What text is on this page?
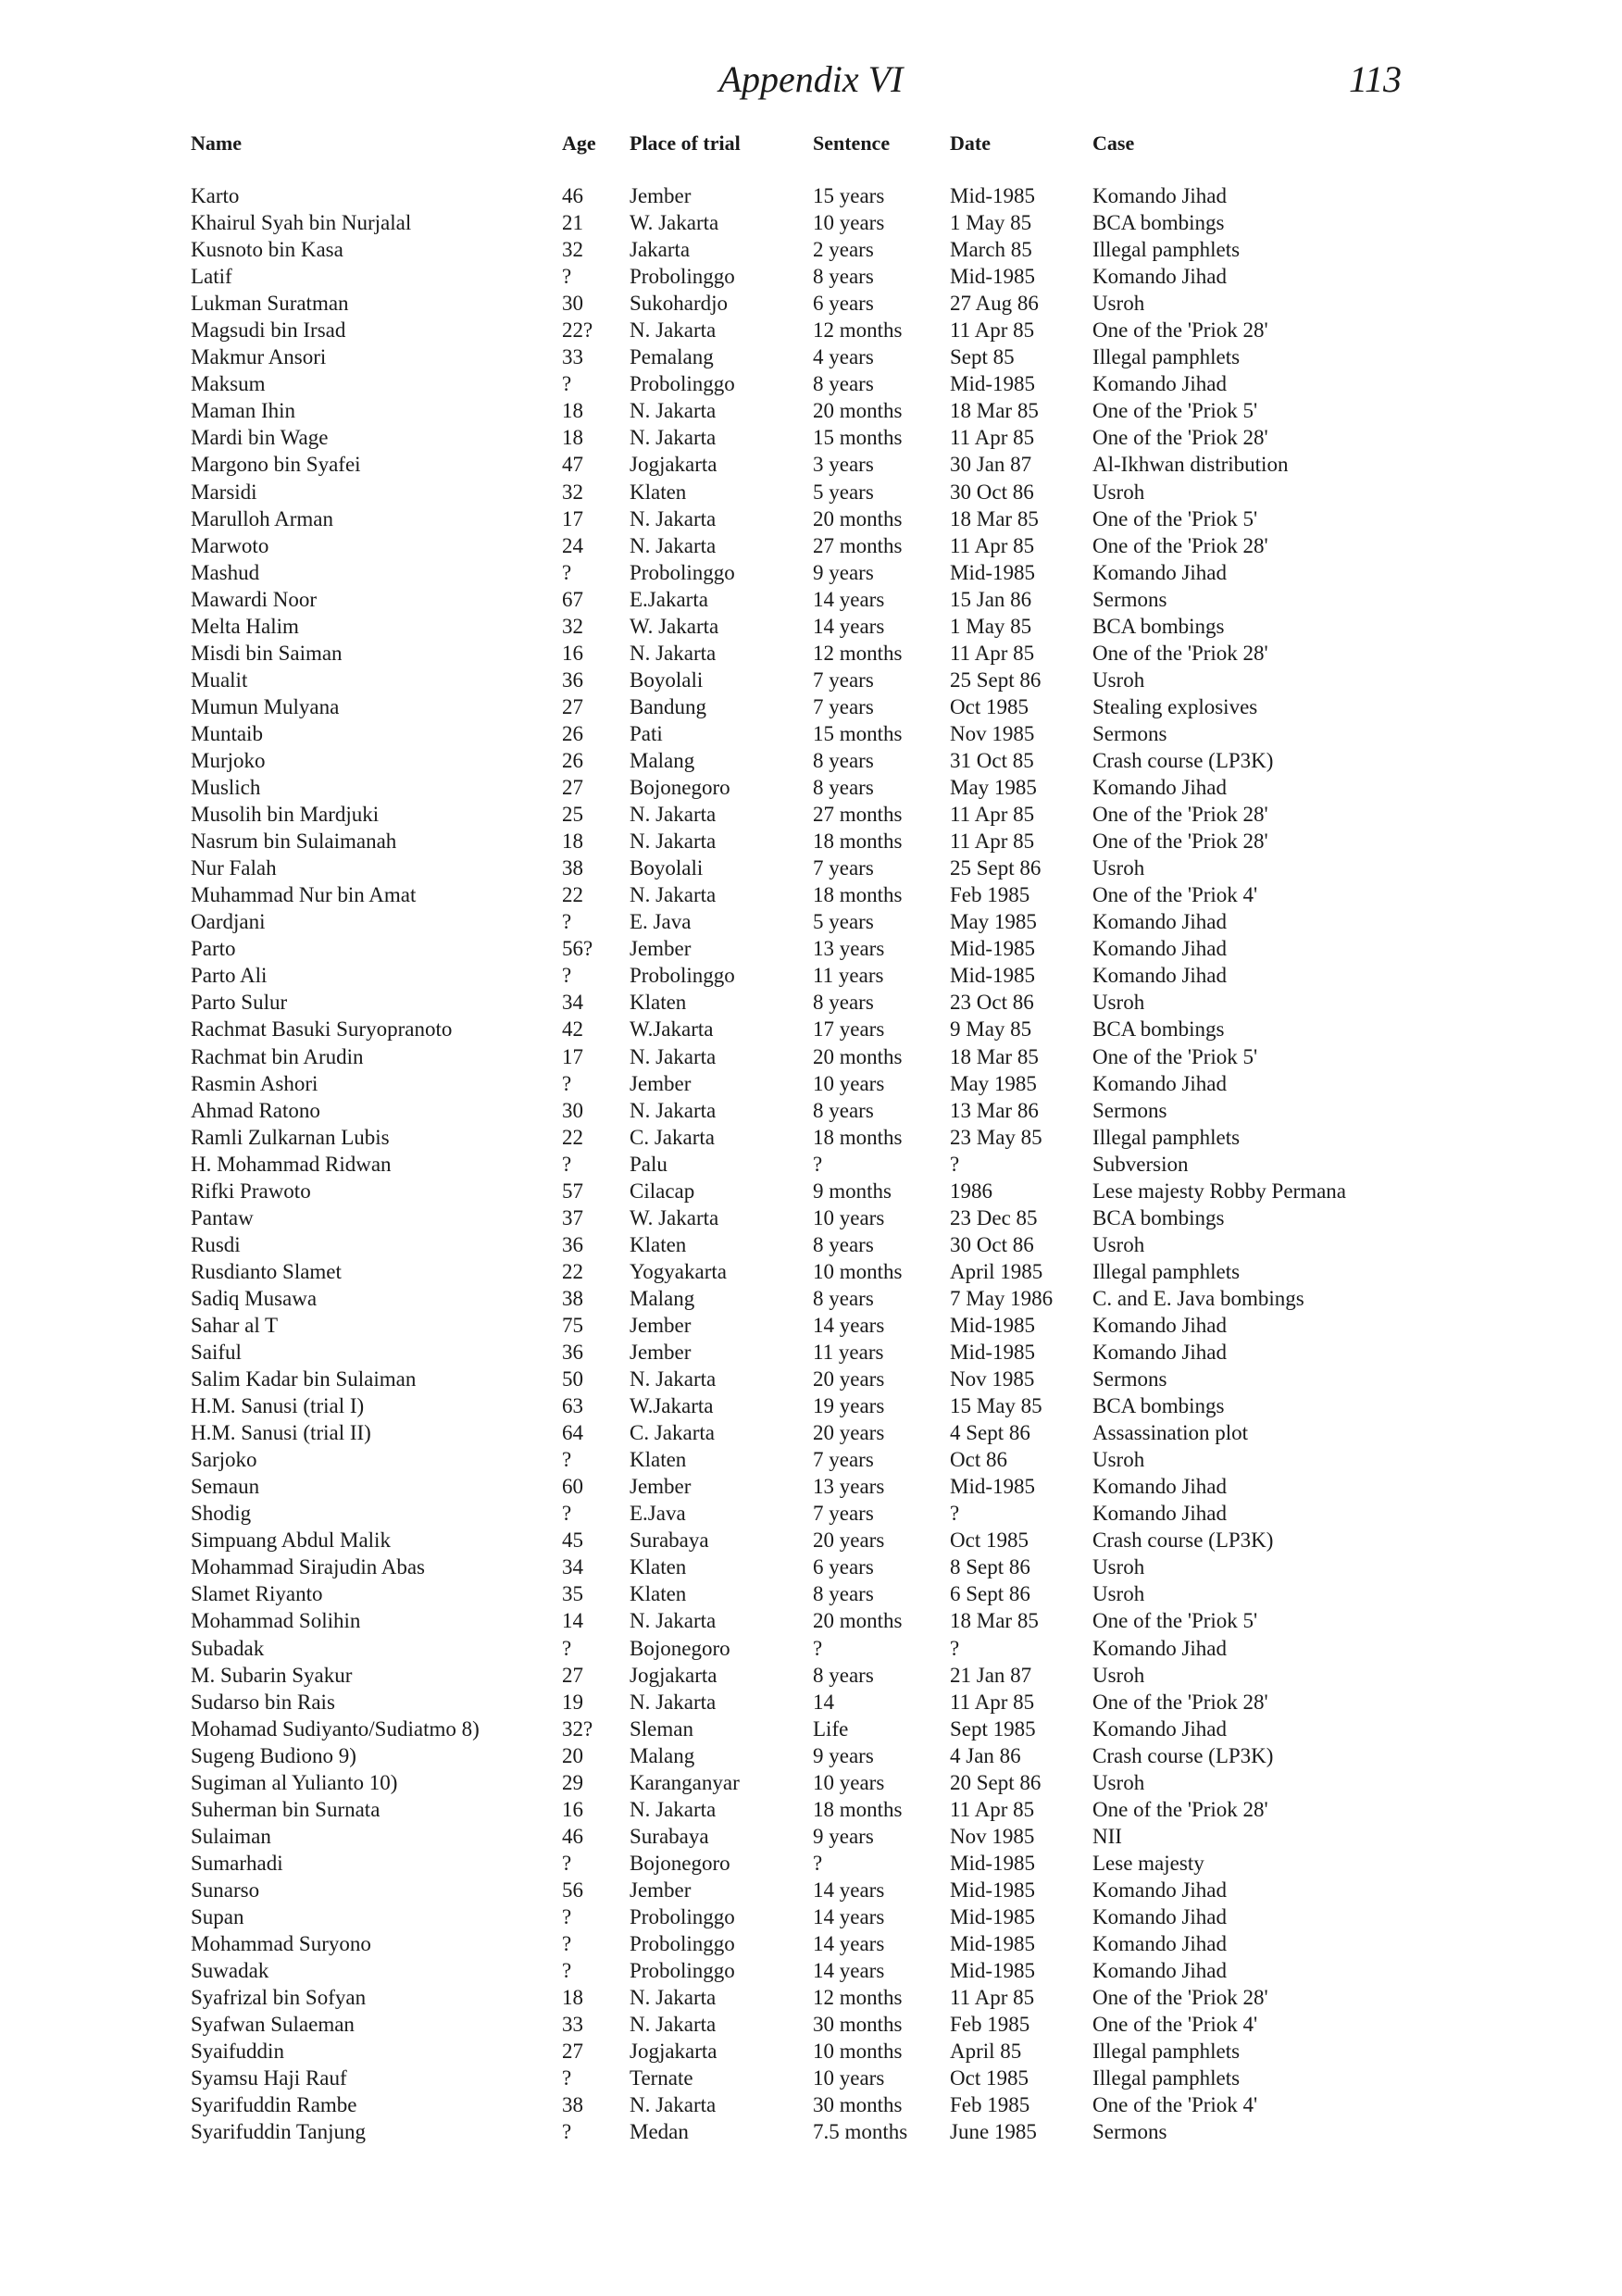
Appendix VI	113
Name	Age Place of trial	Sentence	Date	Case
Karto	46 Jember	15 years	Mid-1985	Komando Jihad
Khairul Syah bin Nurjalal	21 W. Jakarta	10 years	1 May 85	BCA bombings
Kusnoto bin Kasa	32 Jakarta	2 years	March 85	Illegal pamphlets
Latif	?	Probolinggo	8 years	Mid-1985	Komando Jihad
Lukman Suratman	30 Sukohardjo	6 years	27 Aug 86	Usroh
Magsudi bin Irsad	22? N. Jakarta	12 months 11 Apr 85	One of the 'Priok 28'
Makmur Ansori	33 Pemalang	4 years	Sept 85	Illegal pamphlets
Maksum	?	Probolinggo	8 years	Mid-1985	Komando Jihad
Maman Ihin	18 N. Jakarta	20 months 18 Mar 85	One of the 'Priok 5'
Mardi bin Wage	18 N. Jakarta	15 months 11 Apr 85	One of the 'Priok 28'
Margono bin Syafei	47 Jogjakarta	3 years	30 Jan 87	Al-Ikhwan distribution
Marsidi	32 Klaten	5 years	30 Oct 86	Usroh
Marulloh Arman	17 N. Jakarta	20 months 18 Mar 85	One of the 'Priok 5'
Marwoto	24 N. Jakarta	27 months 11 Apr 85	One of the 'Priok 28'
Mashud	?	Probolinggo	9 years	Mid-1985	Komando Jihad
Mawardi Noor	67 E.Jakarta	14 years	15 Jan 86	Sermons
Melta Halim	32 W. Jakarta	14 years	1 May 85	BCA bombings
Misdi bin Saiman	16 N. Jakarta	12 months 11 Apr 85	One of the 'Priok 28'
Mualit	36 Boyolali	7 years	25 Sept 86 Usroh
Mumun Mulyana	27 Bandung	7 years	Oct 1985	Stealing explosives
Muntaib	26 Pati	15 months Nov 1985	Sermons
Murjoko	26 Malang	8 years	31 Oct 85	Crash course (LP3K)
Muslich	27 Bojonegoro	8 years	May 1985	Komando Jihad
Musolih bin Mardjuki	25 N. Jakarta	27 months 11 Apr 85	One of the 'Priok 28'
Nasrum bin Sulaimanah	18 N. Jakarta	18 months 11 Apr 85	One of the 'Priok 28'
Nur Falah	38 Boyolali	7 years	25 Sept 86 Usroh
Muhammad Nur bin Amat	22 N. Jakarta	18 months Feb 1985	One of the 'Priok 4'
Oardjani	?	E. Java	5 years	May 1985	Komando Jihad
Parto	56? Jember	13 years	Mid-1985	Komando Jihad
Parto Ali	?	Probolinggo	11 years	Mid-1985	Komando Jihad
Parto Sulur	34 Klaten	8 years	23 Oct 86	Usroh
Rachmat Basuki Suryopranoto	42 W.Jakarta	17 years	9 May 85	BCA bombings
Rachmat bin Arudin	17 N. Jakarta	20 months 18 Mar 85	One of the 'Priok 5'
Rasmin Ashori	?	Jember	10 years	May 1985	Komando Jihad
Ahmad Ratono	30 N. Jakarta	8 years	13 Mar 86	Sermons
Ramli Zulkarnan Lubis	22 C. Jakarta	18 months 23 May 85 Illegal pamphlets
H. Mohammad Ridwan	?	Palu	?	?	Subversion
Rifki Prawoto	57 Cilacap	9 months	1986	Lese majesty Robby Permana
Pantaw	37 W. Jakarta	10 years	23 Dec 85	BCA bombings
Rusdi	36 Klaten	8 years	30 Oct 86	Usroh
Rusdianto Slamet	22 Yogyakarta	10 months April 1985 Illegal pamphlets
Sadiq Musawa	38 Malang	8 years	7 May 1986 C. and E. Java bombings
Sahar al T	75 Jember	14 years	Mid-1985	Komando Jihad
Saiful	36 Jember	11 years	Mid-1985	Komando Jihad
Salim Kadar bin Sulaiman	50 N. Jakarta	20 years	Nov 1985	Sermons
H.M. Sanusi (trial I)	63 W.Jakarta	19 years	15 May 85 BCA bombings
H.M. Sanusi (trial II)	64 C. Jakarta	20 years	4 Sept 86	Assassination plot
Sarjoko	?	Klaten	7 years	Oct 86	Usroh
Semaun	60 Jember	13 years	Mid-1985	Komando Jihad
Shodig	?	E.Java	7 years	?	Komando Jihad
Simpuang Abdul Malik	45 Surabaya	20 years	Oct 1985	Crash course (LP3K)
Mohammad Sirajudin Abas	34 Klaten	6 years	8 Sept 86	Usroh
Slamet Riyanto	35 Klaten	8 years	6 Sept 86	Usroh
Mohammad Solihin	14 N. Jakarta	20 months 18 Mar 85	One of the 'Priok 5'
Subadak	?	Bojonegoro	?	?	Komando Jihad
M. Subarin Syakur	27 Jogjakarta	8 years	21 Jan 87	Usroh
Sudarso bin Rais	19 N. Jakarta	14	11 Apr 85	One of the 'Priok 28'
Mohamad Sudiyanto/Sudiatmo 8)	32? Sleman	Life	Sept 1985	Komando Jihad
Sugeng Budiono 9)	20 Malang	9 years	4 Jan 86	Crash course (LP3K)
Sugiman al Yulianto 10)	29 Karanganyar	10 years	20 Sept 86 Usroh
Suherman bin Surnata	16 N. Jakarta	18 months 11 Apr 85	One of the 'Priok 28'
Sulaiman	46 Surabaya	9 years	Nov 1985	NII
Sumarhadi	?	Bojonegoro	?	Mid-1985	Lese majesty
Sunarso	56 Jember	14 years	Mid-1985	Komando Jihad
Supan	?	Probolinggo	14 years	Mid-1985	Komando Jihad
Mohammad Suryono	?	Probolinggo	14 years	Mid-1985	Komando Jihad
Suwadak	?	Probolinggo	14 years	Mid-1985	Komando Jihad
Syafrizal bin Sofyan	18 N. Jakarta	12 months 11 Apr 85	One of the 'Priok 28'
Syafwan Sulaeman	33 N. Jakarta	30 months Feb 1985	One of the 'Priok 4'
Syaifuddin	27 Jogjakarta	10 months April 85	Illegal pamphlets
Syamsu Haji Rauf	?	Ternate	10 years	Oct 1985	Illegal pamphlets
Syarifuddin Rambe	38 N. Jakarta	30 months Feb 1985	One of the 'Priok 4'
Syarifuddin Tanjung	?	Medan	7.5 months June 1985	Sermons
